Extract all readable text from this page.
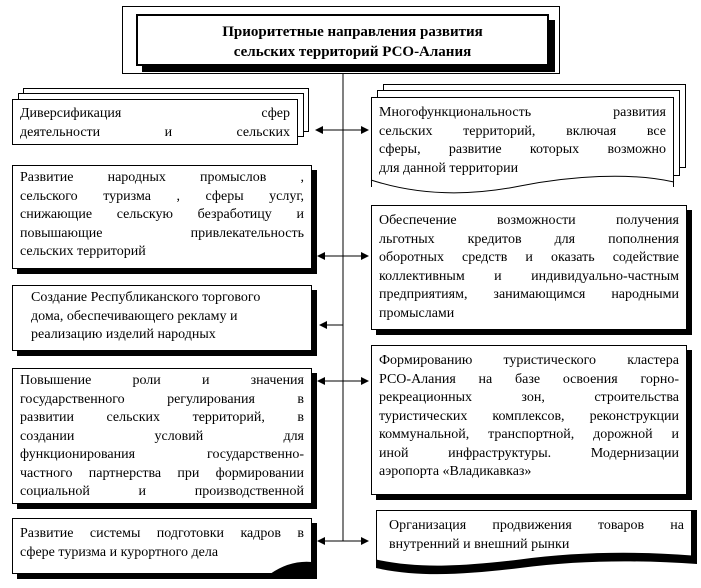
Приоритетные направления развития
сельских территорий РСО-Алания
Диверсификация сфер
деятельности и сельских
Развитие народных промыслов ,
сельского туризма , сферы услуг,
снижающие сельскую безработицу и
повышающие привлекательность
сельских территорий
Создание Республиканского торгового
дома, обеспечивающего рекламу и
реализацию изделий народных
Повышение роли и значения
государственного регулирования в
развитии сельских территорий, в
создании условий для
функционирования государственно-
частного партнерства при формировании
социальной и производственной
Развитие системы подготовки кадров в
сфере туризма и курортного дела
Многофункциональность развития
сельских территорий, включая все
сферы, развитие которых возможно
для данной территории
Обеспечение возможности получения
льготных кредитов для пополнения
оборотных средств и оказать содействие
коллективным и индивидуально-частным
предприятиям, занимающимся народными
промыслами
Формированию туристического кластера
РСО-Алания на базе освоения горно-
рекреационных зон, строительства
туристических комплексов, реконструкции
коммунальной, транспортной, дорожной и
иной инфраструктуры. Модернизации
аэропорта «Владикавказ»
Организация продвижения товаров на
внутренний и внешний рынки
